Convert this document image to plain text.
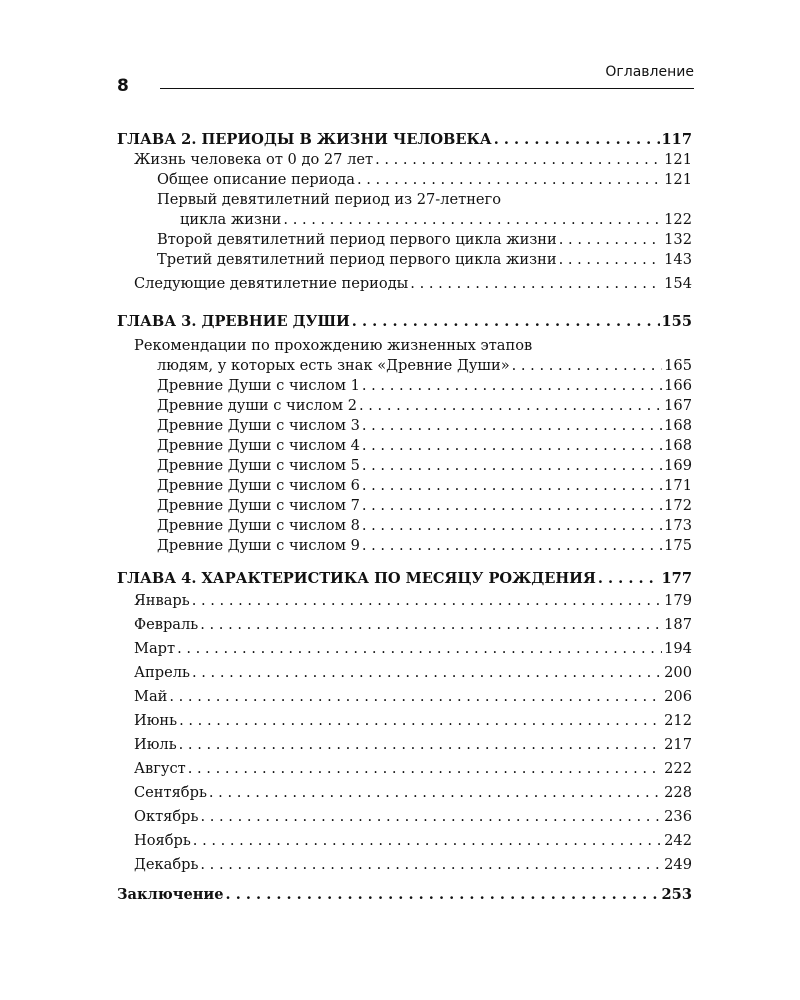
Оглавление
8
ГЛАВА 2. ПЕРИОДЫ В ЖИЗНИ ЧЕЛОВЕКА . . .	117
Жизнь человека от 0 до 27 лет . . .	121
Общее описание периода . . .	121
Первый девятилетний период из 27-летнего
цикла жизни . . .	122
Второй девятилетний период первого цикла жизни . . .	132
Третий девятилетний период первого цикла жизни . . .	143
Следующие девятилетние периоды . . .	154
ГЛАВА 3. ДРЕВНИЕ ДУШИ . . .	155
Рекомендации по прохождению жизненных этапов
людям, у которых есть знак «Древние Души» . . .	165
Древние Души с числом 1 . . .	166
Древние души с числом 2 . . .	167
Древние Души с числом 3 . . .	168
Древние Души с числом 4 . . .	168
Древние Души с числом 5 . . .	169
Древние Души с числом 6 . . .	171
Древние Души с числом 7 . . .	172
Древние Души с числом 8 . . .	173
Древние Души с числом 9 . . .	175
ГЛАВА 4. ХАРАКТЕРИСТИКА ПО МЕСЯЦУ РОЖДЕНИЯ . . .	177
Январь . . .	179
Февраль . . .	187
Март . . .	194
Апрель . . .	200
Май . . .	206
Июнь . . .	212
Июль . . .	217
Август . . .	222
Сентябрь . . .	228
Октябрь . . .	236
Ноябрь . . .	242
Декабрь . . .	249
Заключение . . .	253
